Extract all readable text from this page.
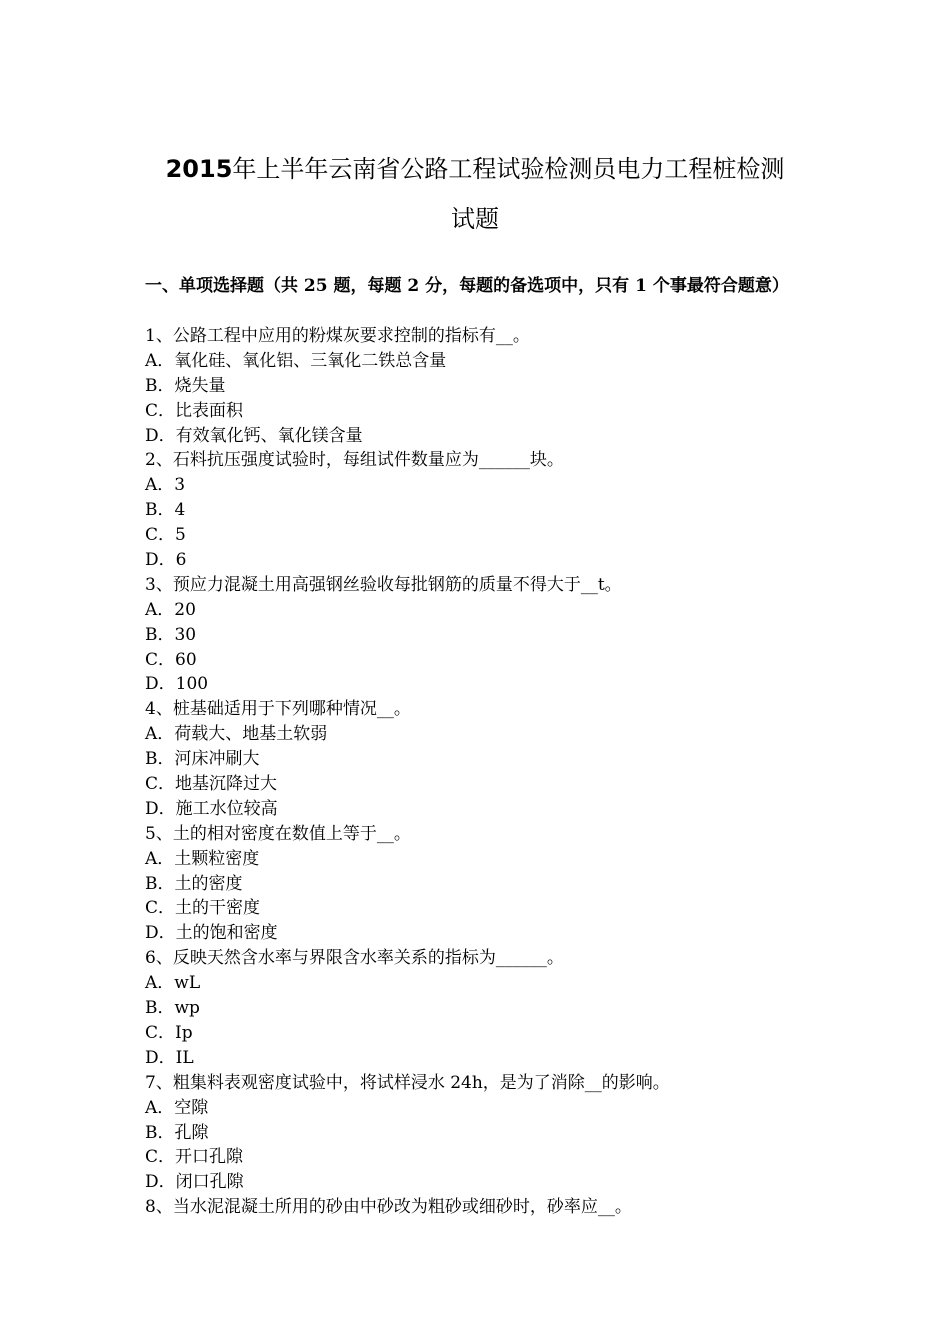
2015年上半年云南省公路工程试验检测员电力工程桩检测
试题
一、单项选择题（共 25 题，每题 2 分，每题的备选项中，只有 1 个事最符合题意）
1、公路工程中应用的粉煤灰要求控制的指标有__。
A．氧化硅、氧化铝、三氧化二铁总含量
B．烧失量
C．比表面积
D．有效氧化钙、氧化镁含量
2、石料抗压强度试验时，每组试件数量应为______块。
A．3
B．4
C．5
D．6
3、预应力混凝土用高强钢丝验收每批钢筋的质量不得大于__t。
A．20
B．30
C．60
D．100
4、桩基础适用于下列哪种情况__。
A．荷载大、地基土软弱
B．河床冲刷大
C．地基沉降过大
D．施工水位较高
5、土的相对密度在数值上等于__。
A．土颗粒密度
B．土的密度
C．土的干密度
D．土的饱和密度
6、反映天然含水率与界限含水率关系的指标为______。
A．wL
B．wp
C．Ip
D．IL
7、粗集料表观密度试验中，将试样浸水 24h，是为了消除__的影响。
A．空隙
B．孔隙
C．开口孔隙
D．闭口孔隙
8、当水泥混凝土所用的砂由中砂改为粗砂或细砂时，砂率应__。
